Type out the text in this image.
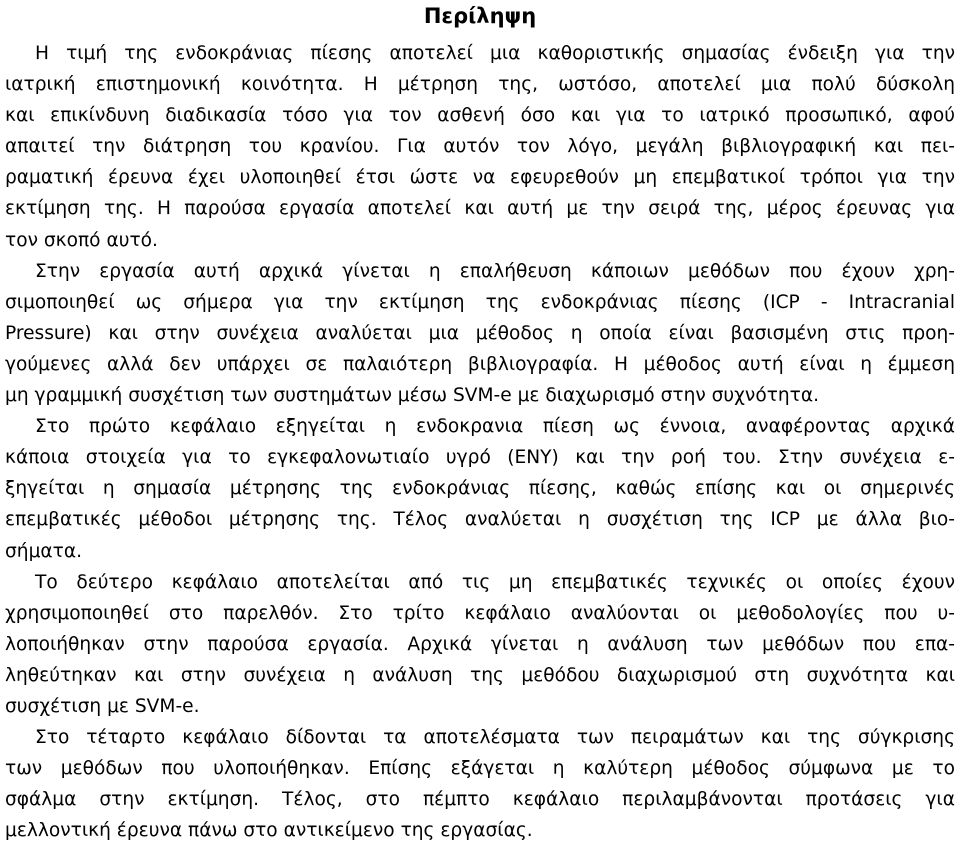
Περίληψη

Η τιμή της ενδοκράνιας πίεσης αποτελεί μια καθοριστικής σημασίας ένδειξη για την
ιατρική επιστημονική κοινότητα. Η μέτρηση της, ωστόσο, αποτελεί μια πολύ δύσκολη
και επικίνδυνη διαδικασία τόσο για τον ασθενή όσο και για το ιατρικό προσωπικό, αφού
απαιτεί την διάτρηση του κρανίου. Για αυτόν τον λόγο, μεγάλη βιβλιογραφική και πει-
ραματική έρευνα έχει υλοποιηθεί έτσι ώστε να εφευρεθούν μη επεμβατικοί τρόποι για την
εκτίμηση της. Η παρούσα εργασία αποτελεί και αυτή με την σειρά της, μέρος έρευνας για
τον σκοπό αυτό.

Στην εργασία αυτή αρχικά γίνεται η επαλήθευση κάποιων μεθόδων που έχουν χρη-
σιμοποιηθεί ως σήμερα για την εκτίμηση της ενδοκράνιας πίεσης (ICP - Intracranial
Pressure) και στην συνέχεια αναλύεται μια μέθοδος η οποία είναι βασισμένη στις προη-
γούμενες αλλά δεν υπάρχει σε παλαιότερη βιβλιογραφία. Η μέθοδος αυτή είναι η έμμεση
μη γραμμική συσχέτιση των συστημάτων μέσω SVM-e με διαχωρισμό στην συχνότητα.

Στο πρώτο κεφάλαιο εξηγείται η ενδοκρανια πίεση ως έννοια, αναφέροντας αρχικά
κάποια στοιχεία για το εγκεφαλονωτιαίο υγρό (ΕΝΥ) και την ροή του. Στην συνέχεια ε-
ξηγείται η σημασία μέτρησης της ενδοκράνιας πίεσης, καθώς επίσης και οι σημερινές
επεμβατικές μέθοδοι μέτρησης της. Τέλος αναλύεται η συσχέτιση της ICP με άλλα βιο-
σήματα.

Το δεύτερο κεφάλαιο αποτελείται από τις μη επεμβατικές τεχνικές οι οποίες έχουν
χρησιμοποιηθεί στο παρελθόν. Στο τρίτο κεφάλαιο αναλύονται οι μεθοδολογίες που υ-
λοποιήθηκαν στην παρούσα εργασία. Αρχικά γίνεται η ανάλυση των μεθόδων που επα-
ληθεύτηκαν και στην συνέχεια η ανάλυση της μεθόδου διαχωρισμού στη συχνότητα και
συσχέτιση με SVM-e.

Στο τέταρτο κεφάλαιο δίδονται τα αποτελέσματα των πειραμάτων και της σύγκρισης
των μεθόδων που υλοποιήθηκαν. Επίσης εξάγεται η καλύτερη μέθοδος σύμφωνα με το
σφάλμα στην εκτίμηση. Τέλος, στο πέμπτο κεφάλαιο περιλαμβάνονται προτάσεις για
μελλοντική έρευνα πάνω στο αντικείμενο της εργασίας.
